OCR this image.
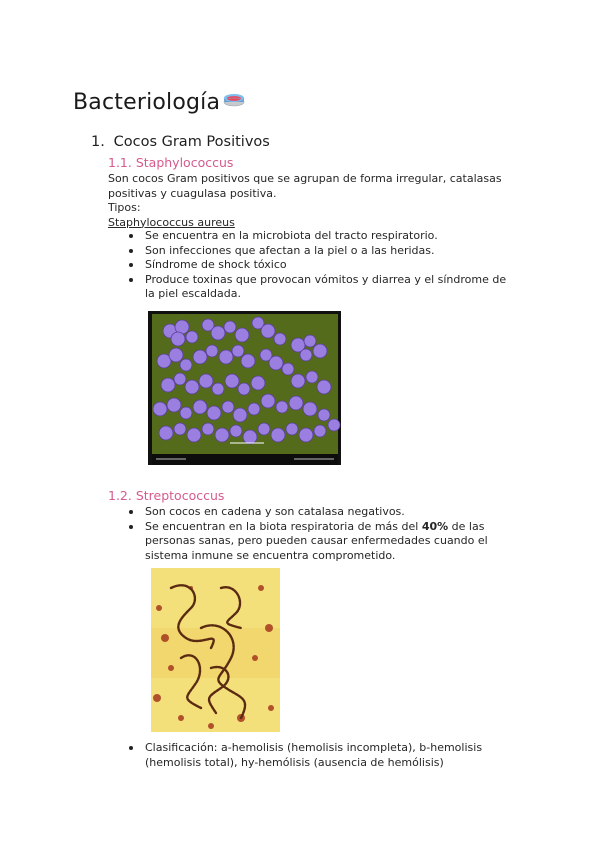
Bacteriología
1. Cocos Gram Positivos
1.1. Staphylococcus
Son cocos Gram positivos que se agrupan de forma irregular, catalasas
positivas y cuagulasa positiva.
Tipos:
Staphylococcus aureus
Se encuentra en la microbiota del tracto respiratorio.
Son infecciones que afectan a la piel o a las heridas.
Síndrome de shock tóxico
Produce toxinas que provocan vómitos y diarrea y el síndrome de
la piel escaldada.
1.2. Streptococcus
Son cocos en cadena y son catalasa negativos.
Se encuentran en la biota respiratoria de más del 40% de las
personas sanas, pero pueden causar enfermedades cuando el
sistema inmune se encuentra comprometido.
Clasificación: a-hemolisis (hemolisis incompleta), b-hemolisis
(hemolisis total), hy-hemólisis (ausencia de hemólisis)
